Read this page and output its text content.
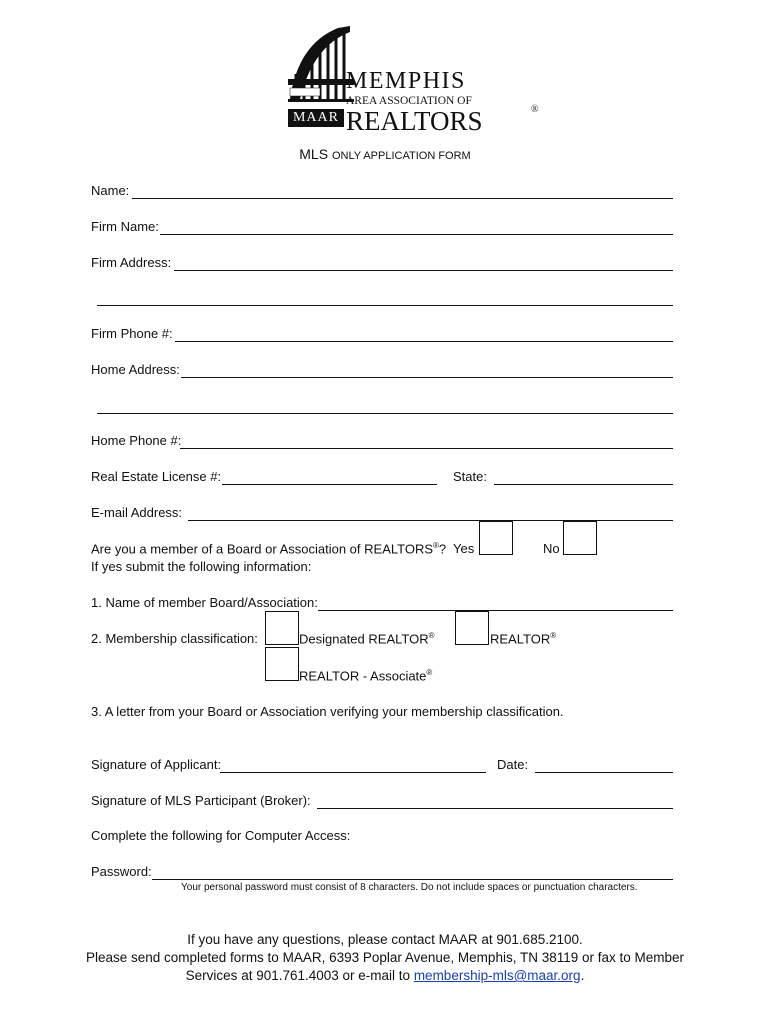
MEMPHIS
AREA ASSOCIATION OF
REALTORS	®
MAAR
MLS ONLY APPLICATION FORM
Name:
Firm Name:
Firm Address:
Firm Phone #:
Home Address:
Home Phone #:
Real Estate License #:	State:
E-mail Address:
Are you a member of a Board or Association of REALTORS®? Yes	No
If yes submit the following information:
1. Name of member Board/Association:
2. Membership classification:	Designated REALTOR®	REALTOR®
REALTOR - Associate®
3. A letter from your Board or Association verifying your membership classification.
Signature of Applicant:	Date:
Signature of MLS Participant (Broker):
Complete the following for Computer Access:
Password:
Your personal password must consist of 8 characters. Do not include spaces or punctuation characters.
If you have any questions, please contact MAAR at 901.685.2100.
Please send completed forms to MAAR, 6393 Poplar Avenue, Memphis, TN 38119 or fax to Member
Services at 901.761.4003 or e-mail to membership-mls@maar.org.
